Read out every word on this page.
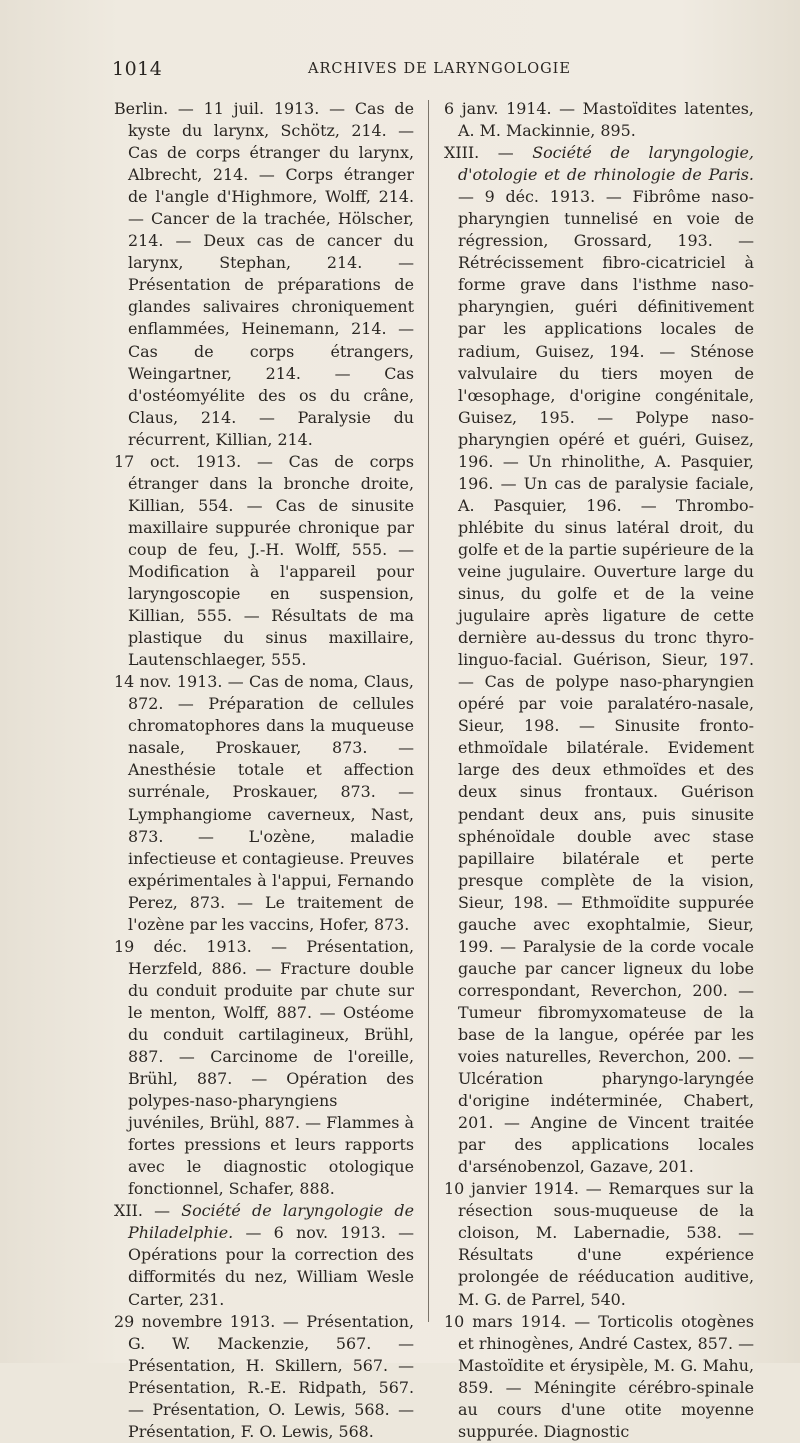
1014	ARCHIVES DE LARYNGOLOGIE

Berlin. — 11 juil. 1913. — Cas de kyste du larynx, Schötz, 214. — Cas de corps étranger du larynx, Albrecht, 214. — Corps étranger de l'angle d'Highmore, Wolff, 214. — Cancer de la trachée, Hölscher, 214. — Deux cas de cancer du larynx, Stephan, 214. — Présentation de préparations de glandes salivaires chroniquement enflammées, Heinemann, 214. — Cas de corps étrangers, Weingartner, 214. — Cas d'ostéomyélite des os du crâne, Claus, 214. — Paralysie du récurrent, Killian, 214.

17 oct. 1913. — Cas de corps étranger dans la bronche droite, Killian, 554. — Cas de sinusite maxillaire suppurée chronique par coup de feu, J.-H. Wolff, 555. — Modification à l'appareil pour laryngoscopie en suspension, Killian, 555. — Résultats de ma plastique du sinus maxillaire, Lautenschlaeger, 555.

14 nov. 1913. — Cas de noma, Claus, 872. — Préparation de cellules chromatophores dans la muqueuse nasale, Proskauer, 873. — Anesthésie totale et affection surrénale, Proskauer, 873. — Lymphangiome caverneux, Nast, 873. — L'ozène, maladie infectieuse et contagieuse. Preuves expérimentales à l'appui, Fernando Perez, 873. — Le traitement de l'ozène par les vaccins, Hofer, 873.

19 déc. 1913. — Présentation, Herzfeld, 886. — Fracture double du conduit produite par chute sur le menton, Wolff, 887. — Ostéome du conduit cartilagineux, Brühl, 887. — Carcinome de l'oreille, Brühl, 887. — Opération des polypes-naso-pharyngiens juvéniles, Brühl, 887. — Flammes à fortes pressions et leurs rapports avec le diagnostic otologique fonctionnel, Schafer, 888.

XII. — Société de laryngologie de Philadelphie. — 6 nov. 1913. — Opérations pour la correction des difformités du nez, William Wesle Carter, 231.

29 novembre 1913. — Présentation, G. W. Mackenzie, 567. — Présentation, H. Skillern, 567. — Présentation, R.-E. Ridpath, 567. — Présentation, O. Lewis, 568. — Présentation, F. O. Lewis, 568.

6 janv. 1914. — Mastoïdites latentes, A. M. Mackinnie, 895.

XIII. — Société de laryngologie, d'otologie et de rhinologie de Paris. — 9 déc. 1913. — Fibrôme naso-pharyngien tunnelisé en voie de régression, Grossard, 193. — Rétrécissement fibro-cicatriciel à forme grave dans l'isthme naso-pharyngien, guéri définitivement par les applications locales de radium, Guisez, 194. — Sténose valvulaire du tiers moyen de l'œsophage, d'origine congénitale, Guisez, 195. — Polype naso-pharyngien opéré et guéri, Guisez, 196. — Un rhinolithe, A. Pasquier, 196. — Un cas de paralysie faciale, A. Pasquier, 196. — Thrombo-phlébite du sinus latéral droit, du golfe et de la partie supérieure de la veine jugulaire. Ouverture large du sinus, du golfe et de la veine jugulaire après ligature de cette dernière au-dessus du tronc thyro-linguo-facial. Guérison, Sieur, 197. — Cas de polype naso-pharyngien opéré par voie paralatéro-nasale, Sieur, 198. — Sinusite fronto-ethmoïdale bilatérale. Evidement large des deux ethmoïdes et des deux sinus frontaux. Guérison pendant deux ans, puis sinusite sphénoïdale double avec stase papillaire bilatérale et perte presque complète de la vision, Sieur, 198. — Ethmoïdite suppurée gauche avec exophtalmie, Sieur, 199. — Paralysie de la corde vocale gauche par cancer ligneux du lobe correspondant, Reverchon, 200. — Tumeur fibromyxomateuse de la base de la langue, opérée par les voies naturelles, Reverchon, 200. — Ulcération pharyngo-laryngée d'origine indéterminée, Chabert, 201. — Angine de Vincent traitée par des applications locales d'arsénobenzol, Gazave, 201.

10 janvier 1914. — Remarques sur la résection sous-muqueuse de la cloison, M. Labernadie, 538. — Résultats d'une expérience prolongée de rééducation auditive, M. G. de Parrel, 540.

10 mars 1914. — Torticolis otogènes et rhinogènes, André Castex, 857. — Mastoïdite et érysipèle, M. G. Mahu, 859. — Méningite cérébro-spinale au cours d'une otite moyenne suppurée. Diagnostic
